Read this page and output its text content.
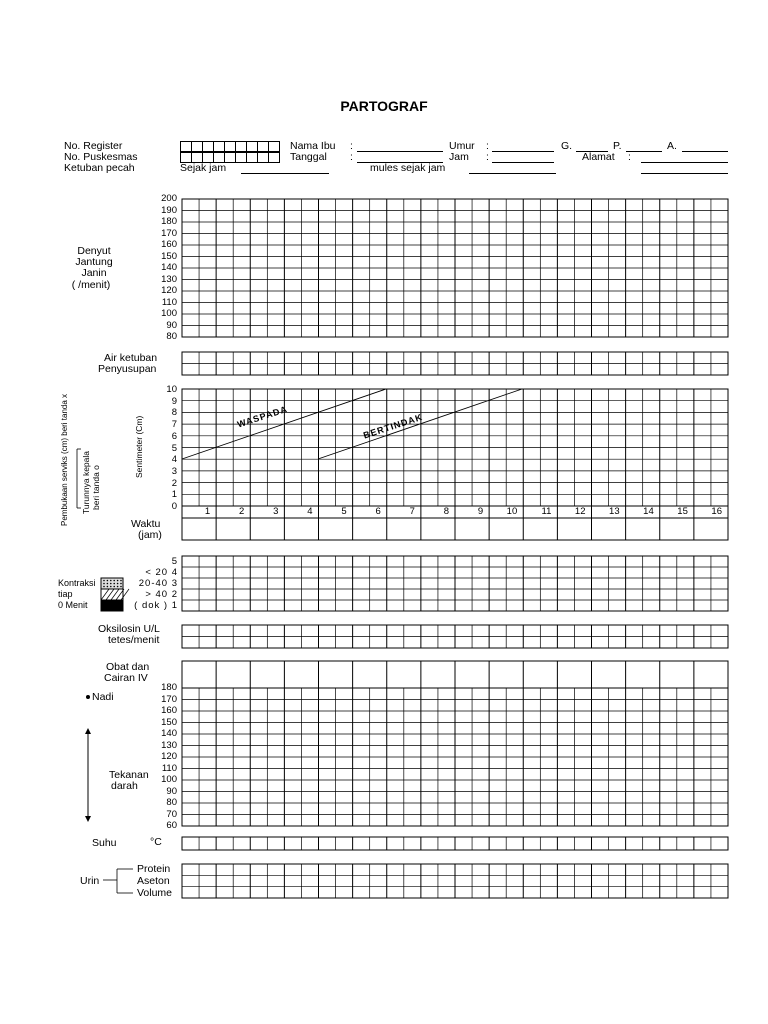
PARTOGRAF
No. Register
No. Puskesmas
Ketuban pecah	Sejak jam
Nama Ibu :
Tanggal :
mules sejak jam
Umur :
Jam :
G.	P.	A.
Alamat :
Denyut
Jantung
Janin
( /menit)
Air ketuban
Penyusupan
Pembukaan serviks (cm) beri tanda x Turunnya kepala beri tanda o
Sentimeter (Cm)
Waktu
(jam)
Kontraksi
tiap
0 Menit
Oksilosin U/L
tetes/menit
Obat dan
Cairan IV
Nadi
Tekanan
darah
Suhu	°C
Urin
Protein
Aseton
Volume
200
190
180
170
160
150
140
130
120
110
100
90
80
10
9
8
7
6
5
4
3
2
1
0	1	2	3	4	5	6	7	8	9	10	11	12	13	14	15	16
5
< 20 4
20-40 3
> 40 2
( dok ) 1
180
170
160
150
140
130
120
110
100
90
80
70
60
WASPADA	BERTINDAK
